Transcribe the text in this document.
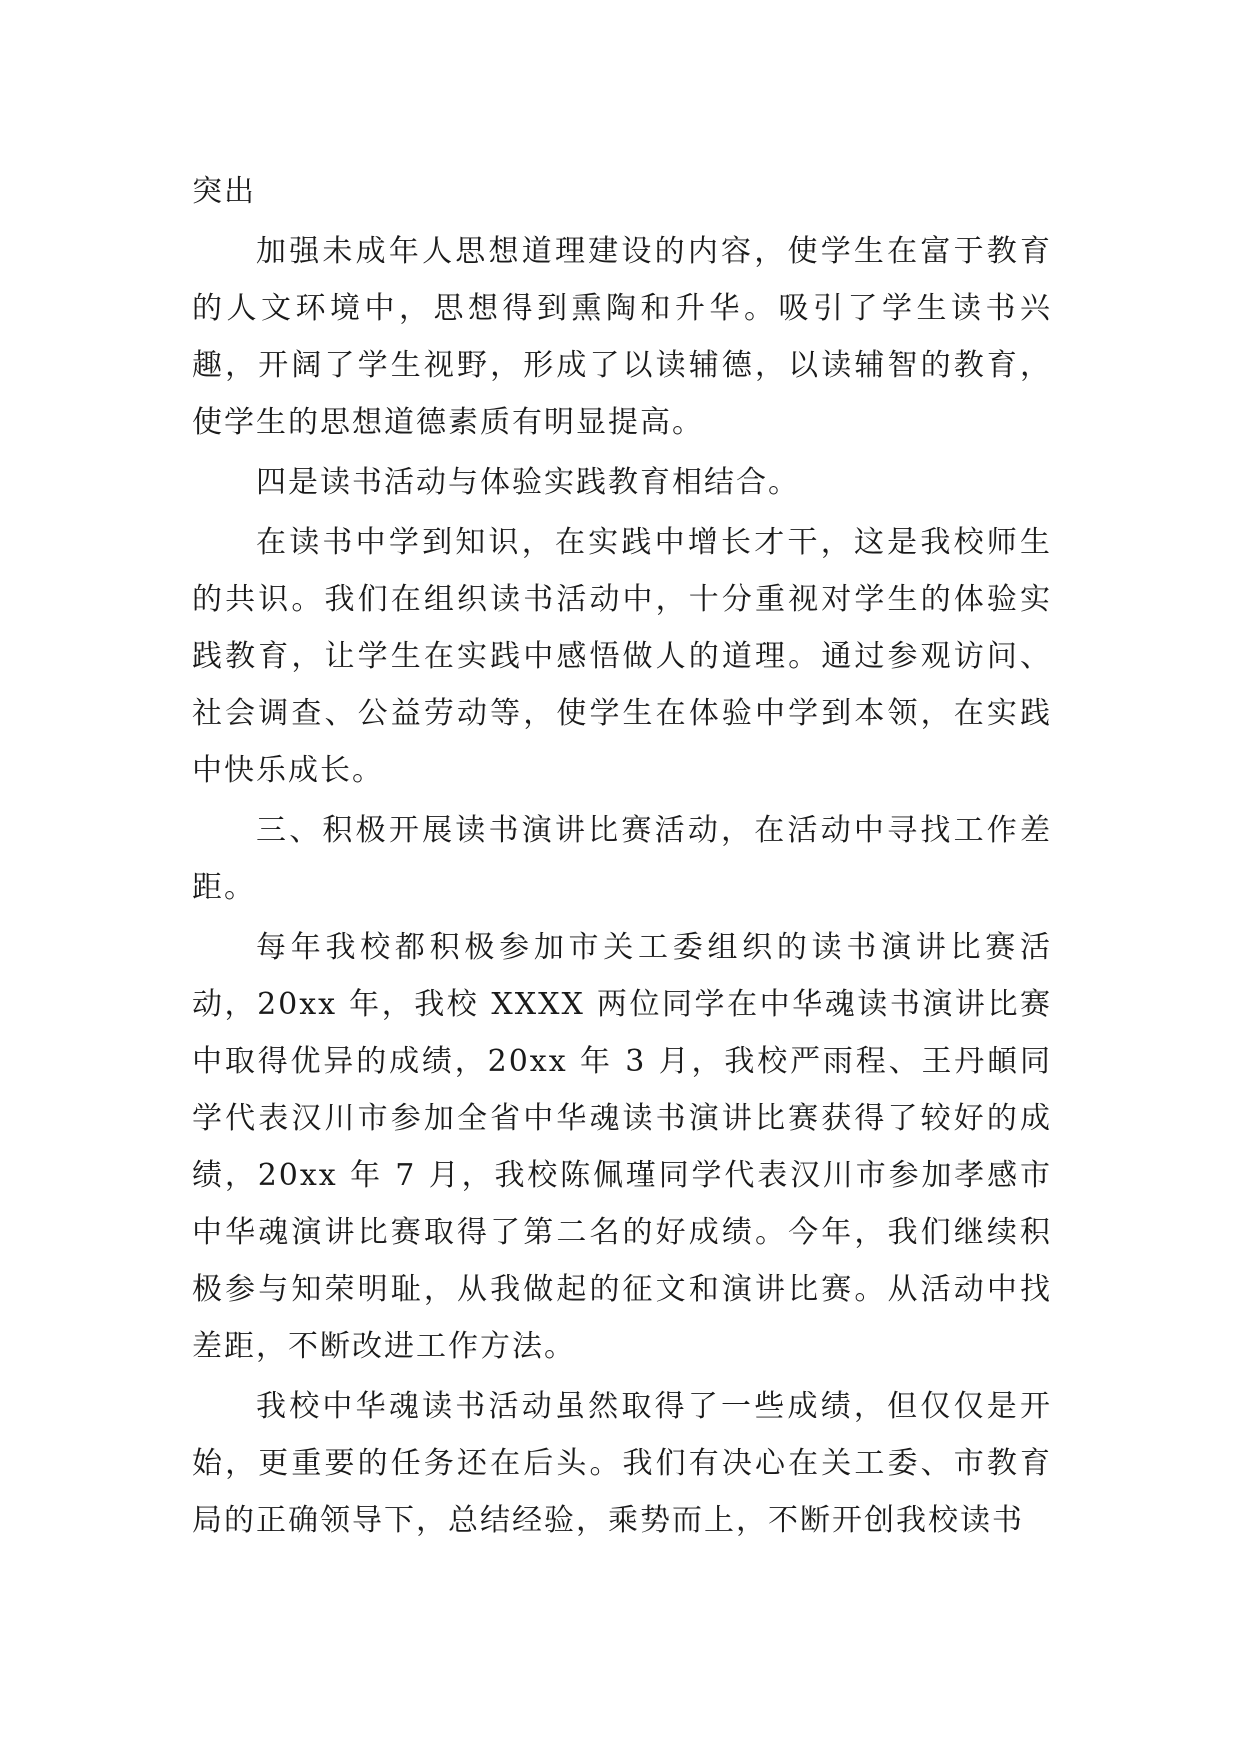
突出

加强未成年人思想道理建设的内容，使学生在富于教育的人文环境中，思想得到熏陶和升华。吸引了学生读书兴趣，开阔了学生视野，形成了以读辅德，以读辅智的教育，使学生的思想道德素质有明显提高。

四是读书活动与体验实践教育相结合。

在读书中学到知识，在实践中增长才干，这是我校师生的共识。我们在组织读书活动中，十分重视对学生的体验实践教育，让学生在实践中感悟做人的道理。通过参观访问、社会调查、公益劳动等，使学生在体验中学到本领，在实践中快乐成长。

三、积极开展读书演讲比赛活动，在活动中寻找工作差距。

每年我校都积极参加市关工委组织的读书演讲比赛活动，20xx 年，我校 XXXX 两位同学在中华魂读书演讲比赛中取得优异的成绩，20xx 年 3 月，我校严雨程、王丹頔同学代表汉川市参加全省中华魂读书演讲比赛获得了较好的成绩，20xx 年 7 月，我校陈佩瑾同学代表汉川市参加孝感市中华魂演讲比赛取得了第二名的好成绩。今年，我们继续积极参与知荣明耻，从我做起的征文和演讲比赛。从活动中找差距，不断改进工作方法。

我校中华魂读书活动虽然取得了一些成绩，但仅仅是开始，更重要的任务还在后头。我们有决心在关工委、市教育局的正确领导下，总结经验，乘势而上，不断开创我校读书
